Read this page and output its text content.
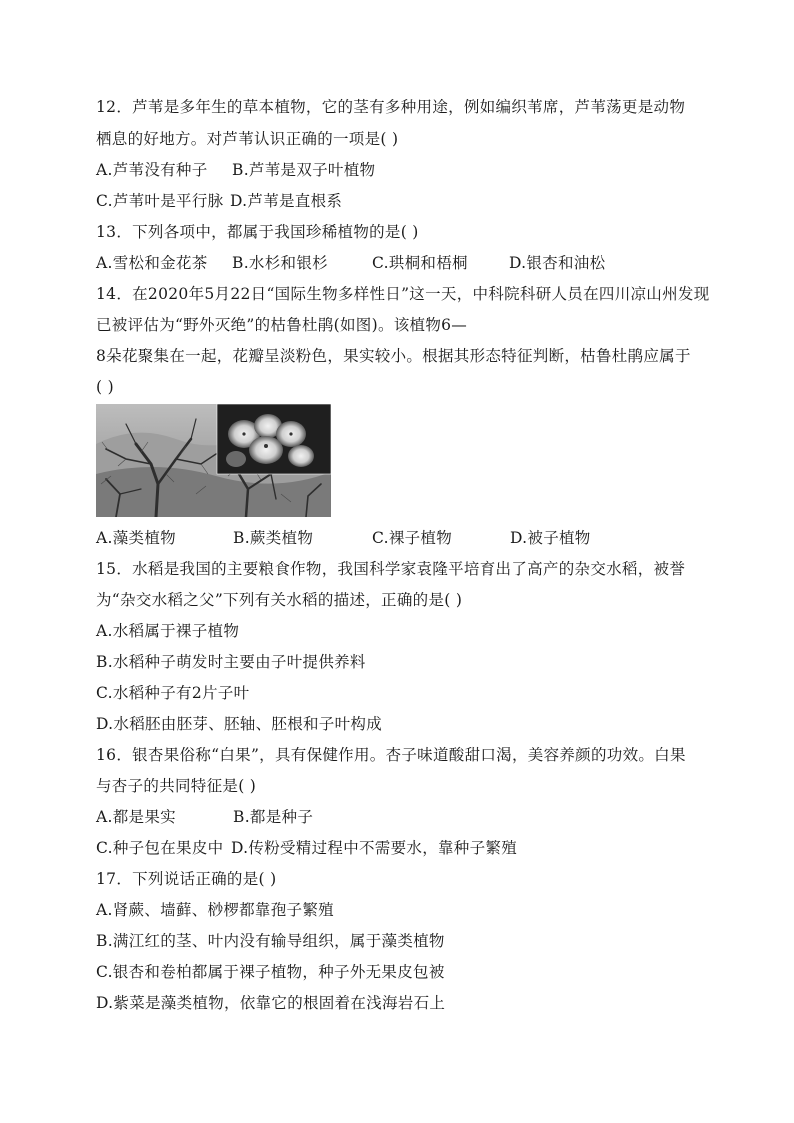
12．芦苇是多年生的草本植物，它的茎有多种用途，例如编织苇席，芦苇荡更是动物
栖息的好地方。对芦苇认识正确的一项是( )
A.芦苇没有种子 B.芦苇是双子叶植物
C.芦苇叶是平行脉 D.芦苇是直根系
13．下列各项中，都属于我国珍稀植物的是( )
A.雪松和金花茶 B.水杉和银杉	C.珙桐和梧桐	D.银杏和油松
14．在2020年5月22日“国际生物多样性日”这一天，中科院科研人员在四川凉山州发现
已被评估为“野外灭绝”的枯鲁杜鹃(如图)。该植物6—
8朵花聚集在一起，花瓣呈淡粉色，果实较小。根据其形态特征判断，枯鲁杜鹃应属于
( )
A.藻类植物	B.蕨类植物	C.裸子植物	D.被子植物
15．水稻是我国的主要粮食作物，我国科学家袁隆平培育出了高产的杂交水稻，被誉
为“杂交水稻之父”下列有关水稻的描述，正确的是( )
A.水稻属于裸子植物
B.水稻种子萌发时主要由子叶提供养料
C.水稻种子有2片子叶
D.水稻胚由胚芽、胚轴、胚根和子叶构成
16．银杏果俗称“白果”，具有保健作用。杏子味道酸甜口渴，美容养颜的功效。白果
与杏子的共同特征是( )
A.都是果实	B.都是种子
C.种子包在果皮中 D.传粉受精过程中不需要水，靠种子繁殖
17．下列说话正确的是( )
A.肾蕨、墙藓、桫椤都靠孢子繁殖
B.满江红的茎、叶内没有输导组织，属于藻类植物
C.银杏和卷柏都属于裸子植物，种子外无果皮包被
D.紫菜是藻类植物，依靠它的根固着在浅海岩石上
